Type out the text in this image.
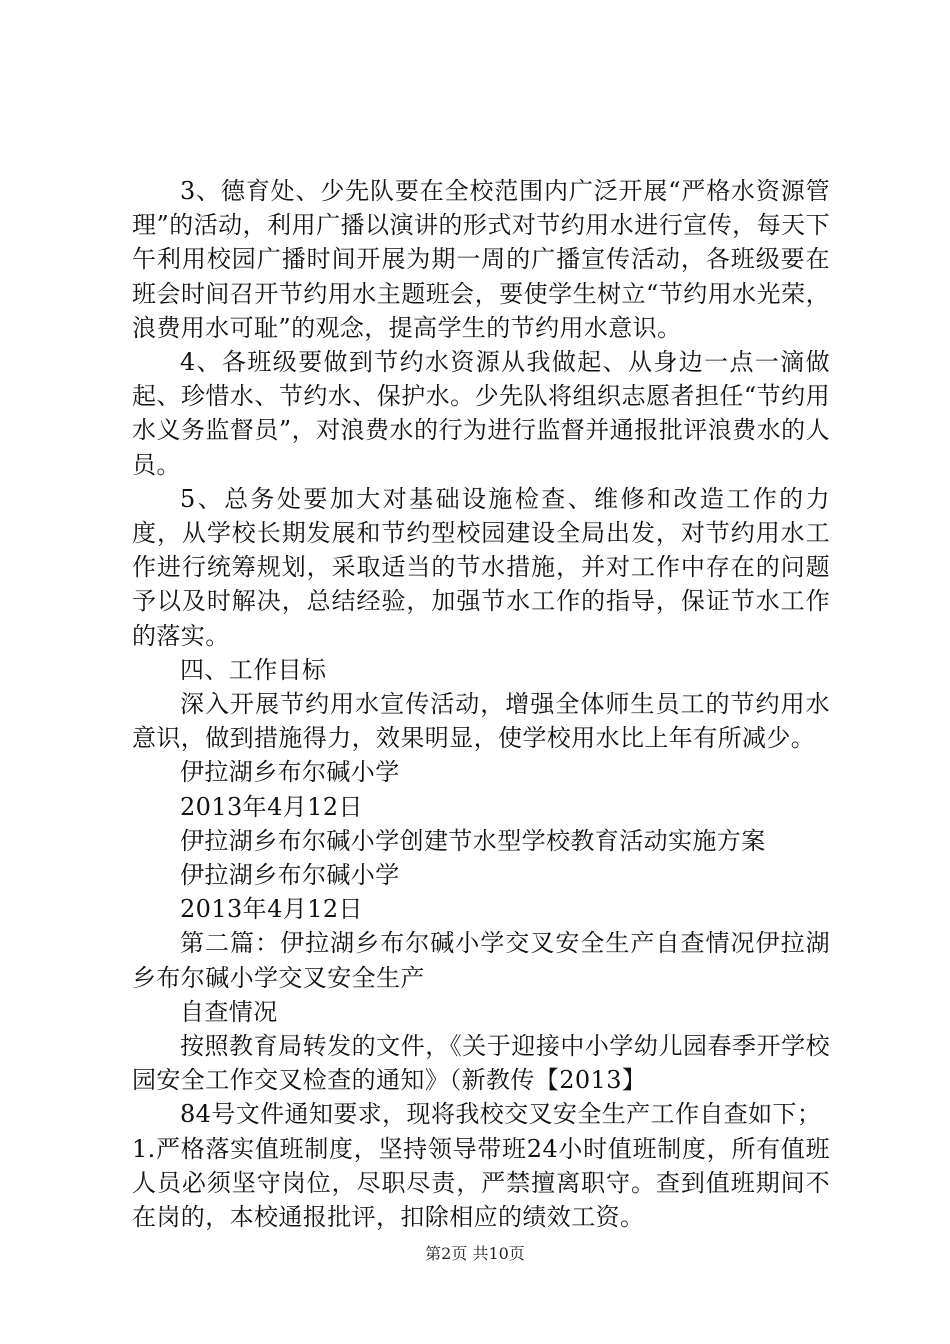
3、德育处、少先队要在全校范围内广泛开展“严格水资源管理”的活动，利用广播以演讲的形式对节约用水进行宣传，每天下午利用校园广播时间开展为期一周的广播宣传活动，各班级要在班会时间召开节约用水主题班会，要使学生树立“节约用水光荣，浪费用水可耻”的观念，提高学生的节约用水意识。

4、各班级要做到节约水资源从我做起、从身边一点一滴做起、珍惜水、节约水、保护水。少先队将组织志愿者担任“节约用水义务监督员”，对浪费水的行为进行监督并通报批评浪费水的人员。

5、总务处要加大对基础设施检查、维修和改造工作的力度，从学校长期发展和节约型校园建设全局出发，对节约用水工作进行统筹规划，采取适当的节水措施，并对工作中存在的问题予以及时解决，总结经验，加强节水工作的指导，保证节水工作的落实。

四、工作目标

深入开展节约用水宣传活动，增强全体师生员工的节约用水意识，做到措施得力，效果明显，使学校用水比上年有所减少。

伊拉湖乡布尔碱小学

2013年4月12日

伊拉湖乡布尔碱小学创建节水型学校教育活动实施方案

伊拉湖乡布尔碱小学

2013年4月12日

第二篇：伊拉湖乡布尔碱小学交叉安全生产自查情况伊拉湖乡布尔碱小学交叉安全生产

自查情况

按照教育局转发的文件，《关于迎接中小学幼儿园春季开学校园安全工作交叉检查的通知》（新教传【2013】

84号文件通知要求，现将我校交叉安全生产工作自查如下；

1.严格落实值班制度，坚持领导带班24小时值班制度，所有值班人员必须坚守岗位，尽职尽责，严禁擅离职守。查到值班期间不在岗的，本校通报批评，扣除相应的绩效工资。

第2页 共10页
